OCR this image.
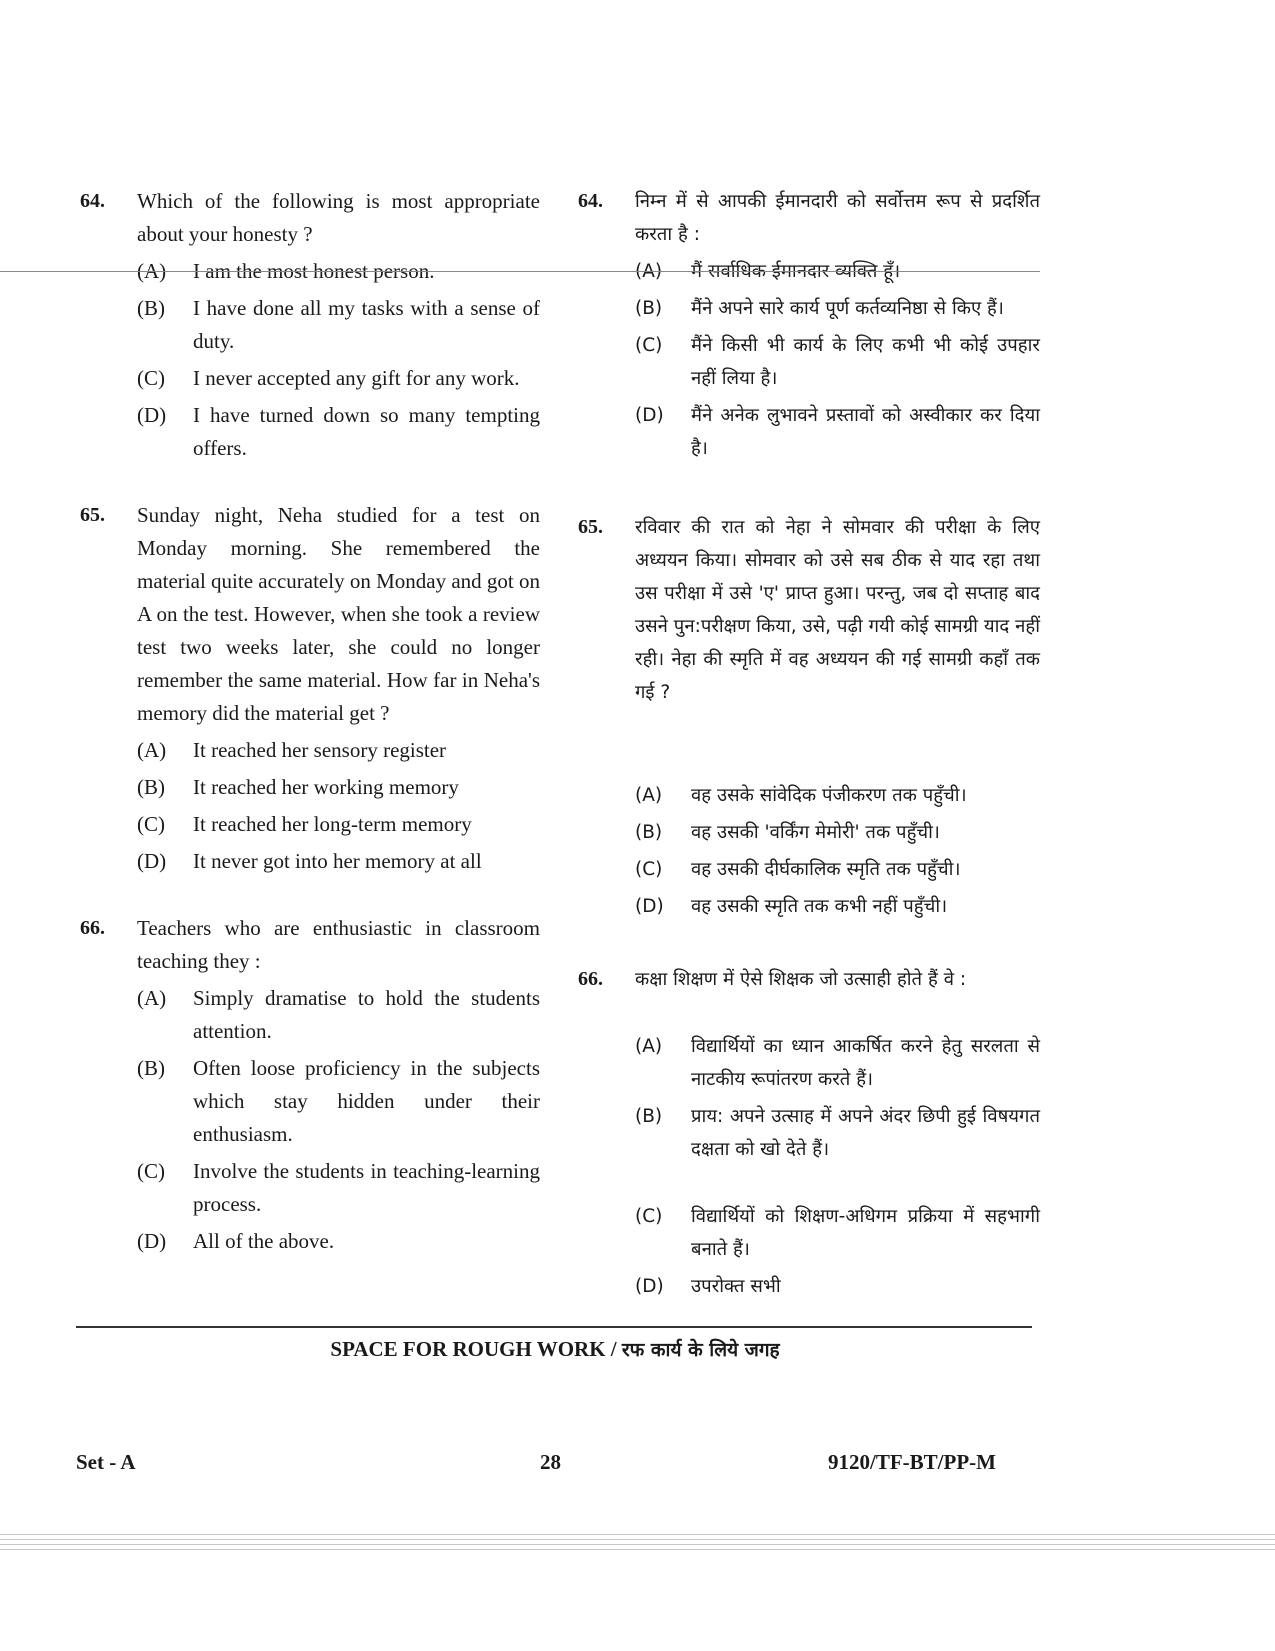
64. Which of the following is most appropriate about your honesty ?
(A) I am the most honest person.
(B) I have done all my tasks with a sense of duty.
(C) I never accepted any gift for any work.
(D) I have turned down so many tempting offers.
65. Sunday night, Neha studied for a test on Monday morning. She remembered the material quite accurately on Monday and got on A on the test. However, when she took a review test two weeks later, she could no longer remember the same material. How far in Neha's memory did the material get ?
(A) It reached her sensory register
(B) It reached her working memory
(C) It reached her long-term memory
(D) It never got into her memory at all
66. Teachers who are enthusiastic in classroom teaching they :
(A) Simply dramatise to hold the students attention.
(B) Often loose proficiency in the subjects which stay hidden under their enthusiasm.
(C) Involve the students in teaching-learning process.
(D) All of the above.
64. निम्न में से आपकी ईमानदारी को सर्वोत्तम रूप से प्रदर्शित करता है :
(A) मैं सर्वाधिक ईमानदार व्यक्ति हूँ।
(B) मैंने अपने सारे कार्य पूर्ण कर्तव्यनिष्ठा से किए हैं।
(C) मैंने किसी भी कार्य के लिए कभी भी कोई उपहार नहीं लिया है।
(D) मैंने अनेक लुभावने प्रस्तावों को अस्वीकार कर दिया है।
65. रविवार की रात को नेहा ने सोमवार की परीक्षा के लिए अध्ययन किया। सोमवार को उसे सब ठीक से याद रहा तथा उस परीक्षा में उसे 'ए' प्राप्त हुआ। परन्तु, जब दो सप्ताह बाद उसने पुन:परीक्षण किया, उसे, पढ़ी गयी कोई सामग्री याद नहीं रही। नेहा की स्मृति में वह अध्ययन की गई सामग्री कहाँ तक गई ?
(A) वह उसके सांवेदिक पंजीकरण तक पहुँची।
(B) वह उसकी 'वर्किंग मेमोरी' तक पहुँची।
(C) वह उसकी दीर्घकालिक स्मृति तक पहुँची।
(D) वह उसकी स्मृति तक कभी नहीं पहुँची।
66. कक्षा शिक्षण में ऐसे शिक्षक जो उत्साही होते हैं वे :
(A) विद्यार्थियों का ध्यान आकर्षित करने हेतु सरलता से नाटकीय रूपांतरण करते हैं।
(B) प्राय: अपने उत्साह में अपने अंदर छिपी हुई विषयगत दक्षता को खो देते हैं।
(C) विद्यार्थियों को शिक्षण-अधिगम प्रक्रिया में सहभागी बनाते हैं।
(D) उपरोक्त सभी
SPACE FOR ROUGH WORK / रफ कार्य के लिये जगह
Set - A	28	9120/TF-BT/PP-M
